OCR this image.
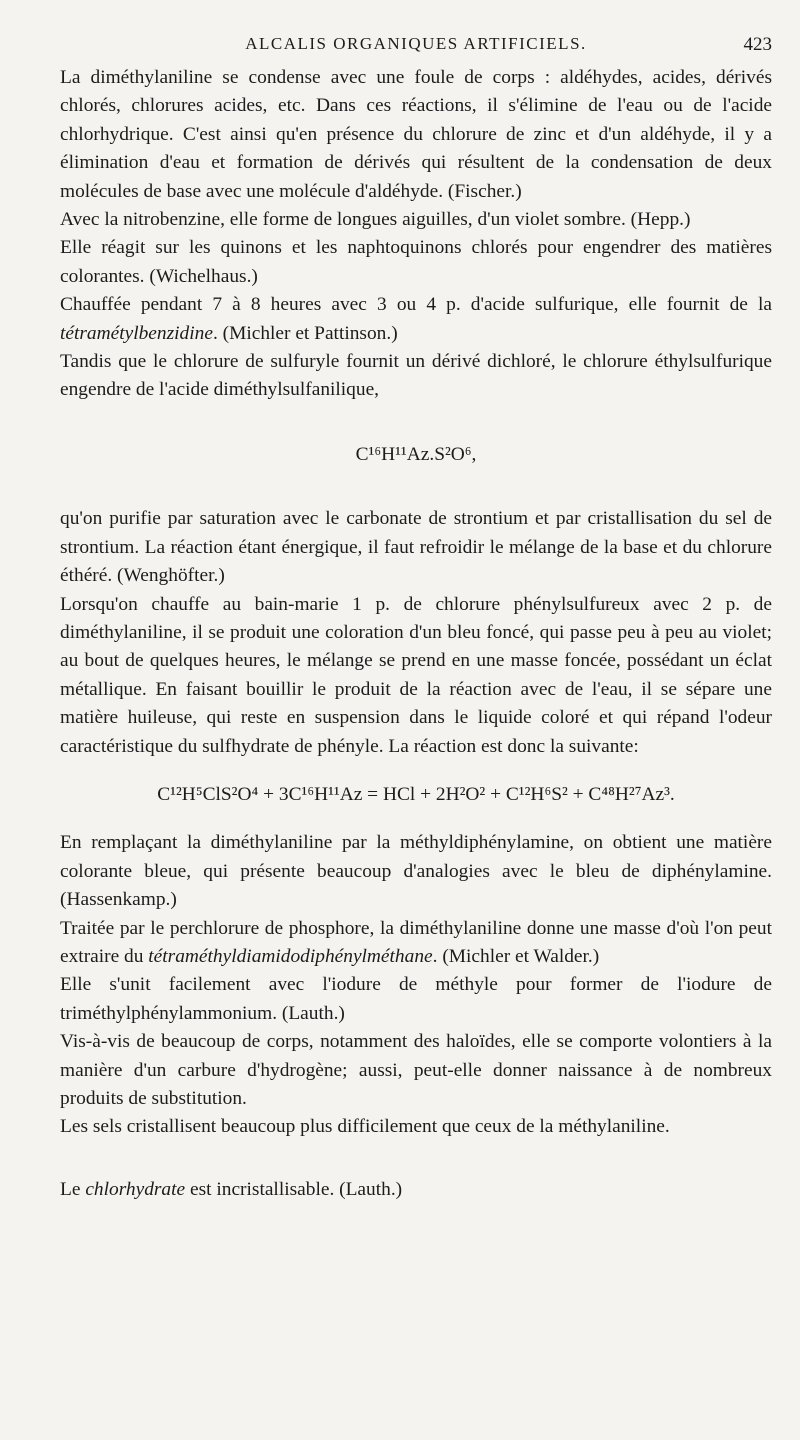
ALCALIS ORGANIQUES ARTIFICIELS.	423

La diméthylaniline se condense avec une foule de corps : aldéhydes, acides, dérivés chlorés, chlorures acides, etc. Dans ces réactions, il s'élimine de l'eau ou de l'acide chlorhydrique. C'est ainsi qu'en présence du chlorure de zinc et d'un aldéhyde, il y a élimination d'eau et formation de dérivés qui résultent de la condensation de deux molécules de base avec une molécule d'aldéhyde. (Fischer.)

Avec la nitrobenzine, elle forme de longues aiguilles, d'un violet sombre. (Hepp.)

Elle réagit sur les quinons et les naphtoquinons chlorés pour engendrer des matières colorantes. (Wichelhaus.)

Chauffée pendant 7 à 8 heures avec 3 ou 4 p. d'acide sulfurique, elle fournit de la tétramétylbenzidine. (Michler et Pattinson.)

Tandis que le chlorure de sulfuryle fournit un dérivé dichloré, le chlorure éthylsulfurique engendre de l'acide diméthylsulfanilique,

C¹⁶H¹¹Az.S²O⁶,

qu'on purifie par saturation avec le carbonate de strontium et par cristallisation du sel de strontium. La réaction étant énergique, il faut refroidir le mélange de la base et du chlorure éthéré. (Wenghöfter.)

Lorsqu'on chauffe au bain-marie 1 p. de chlorure phénylsulfureux avec 2 p. de diméthylaniline, il se produit une coloration d'un bleu foncé, qui passe peu à peu au violet; au bout de quelques heures, le mélange se prend en une masse foncée, possédant un éclat métallique. En faisant bouillir le produit de la réaction avec de l'eau, il se sépare une matière huileuse, qui reste en suspension dans le liquide coloré et qui répand l'odeur caractéristique du sulfhydrate de phényle. La réaction est donc la suivante:

C¹²H⁵ClS²O⁴ + 3C¹⁶H¹¹Az = HCl + 2H²O² + C¹²H⁶S² + C⁴⁸H²⁷Az³.

En remplaçant la diméthylaniline par la méthyldiphénylamine, on obtient une matière colorante bleue, qui présente beaucoup d'analogies avec le bleu de diphénylamine. (Hassenkamp.)

Traitée par le perchlorure de phosphore, la diméthylaniline donne une masse d'où l'on peut extraire du tétraméthyldiamidodiphénylméthane. (Michler et Walder.)

Elle s'unit facilement avec l'iodure de méthyle pour former de l'iodure de triméthylphénylammonium. (Lauth.)

Vis-à-vis de beaucoup de corps, notamment des haloïdes, elle se comporte volontiers à la manière d'un carbure d'hydrogène; aussi, peut-elle donner naissance à de nombreux produits de substitution.

Les sels cristallisent beaucoup plus difficilement que ceux de la méthylaniline.

Le chlorhydrate est incristallisable. (Lauth.)
